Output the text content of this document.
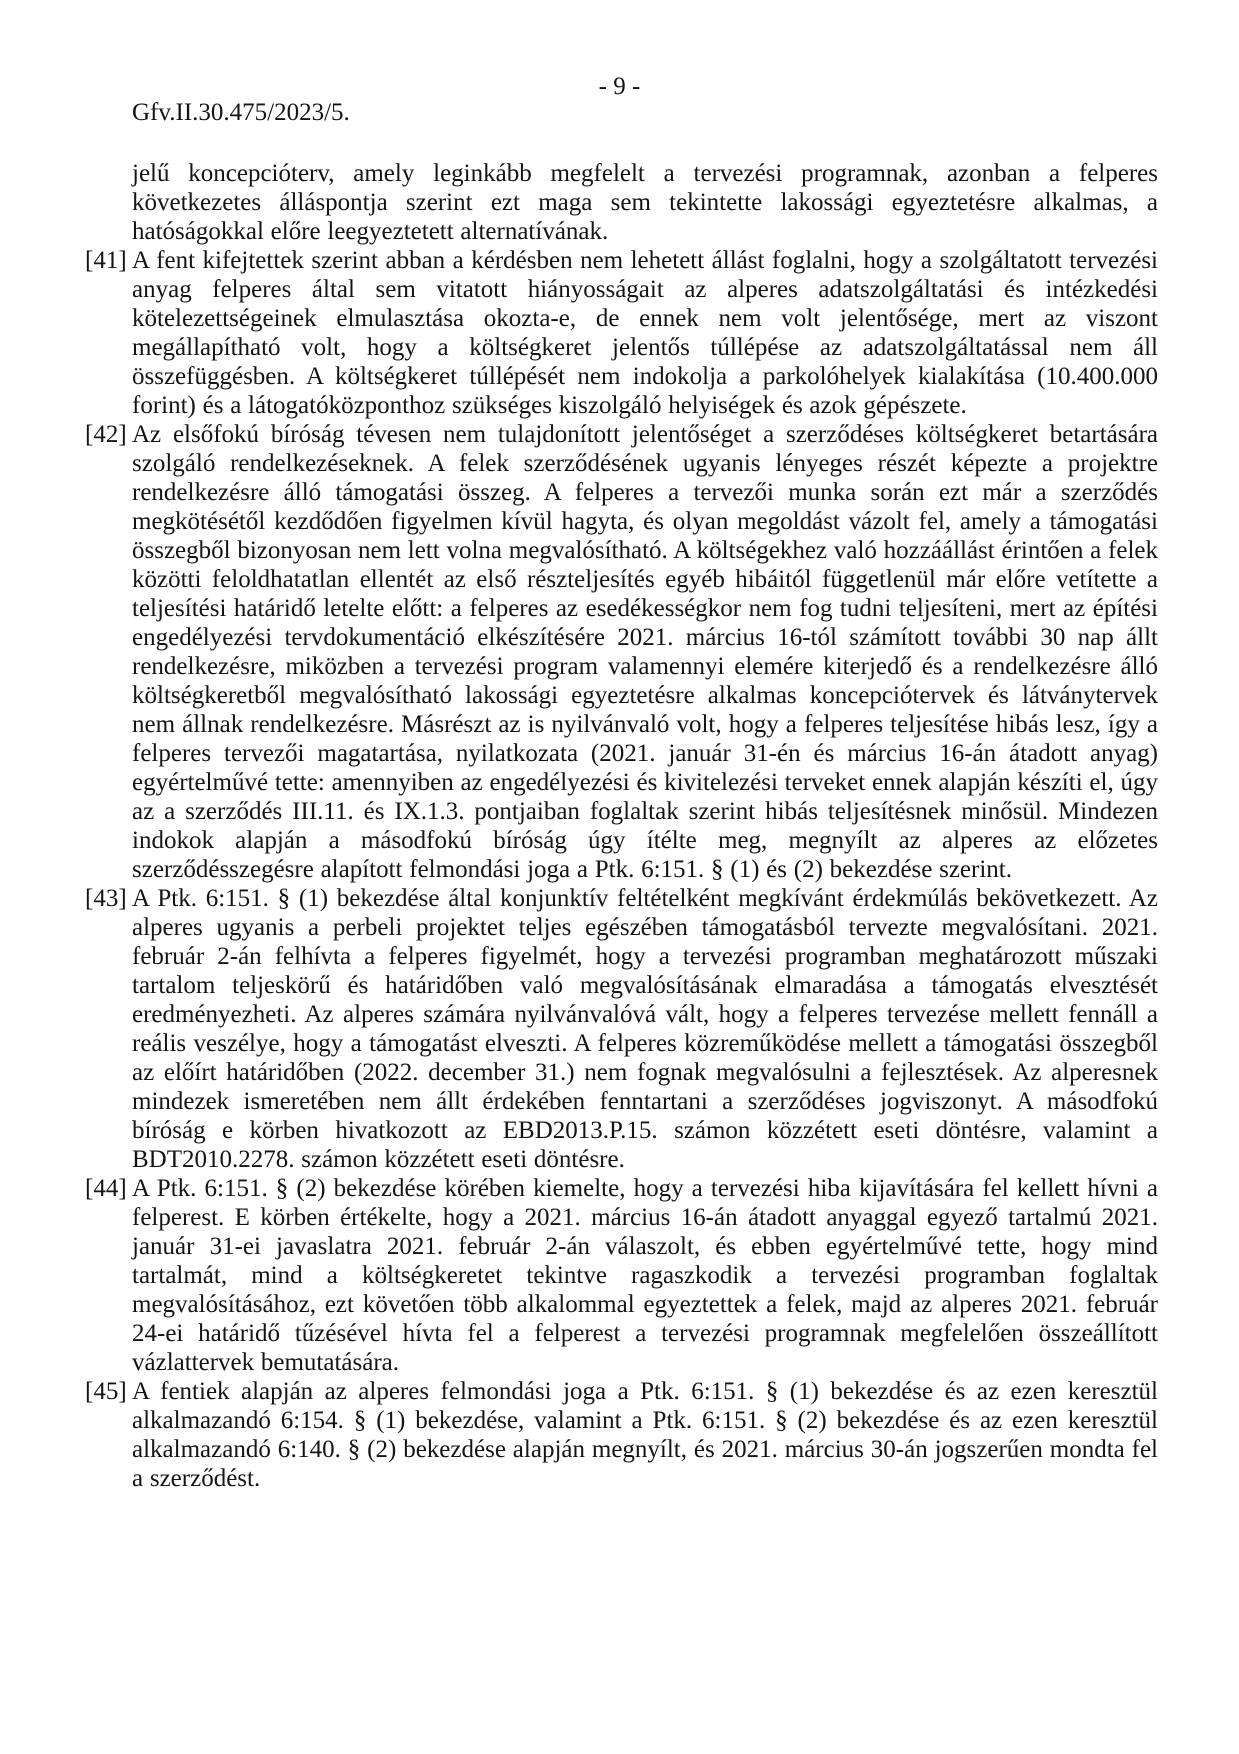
- 9 -
Gfv.II.30.475/2023/5.
jelű koncepcióterv, amely leginkább megfelelt a tervezési programnak, azonban a felperes következetes álláspontja szerint ezt maga sem tekintette lakossági egyeztetésre alkalmas, a hatóságokkal előre leegyeztetett alternatívának.
[41] A fent kifejtettek szerint abban a kérdésben nem lehetett állást foglalni, hogy a szolgáltatott tervezési anyag felperes által sem vitatott hiányosságait az alperes adatszolgáltatási és intézkedési kötelezettségeinek elmulasztása okozta-e, de ennek nem volt jelentősége, mert az viszont megállapítható volt, hogy a költségkeret jelentős túllépése az adatszolgáltatással nem áll összefüggésben. A költségkeret túllépését nem indokolja a parkolóhelyek kialakítása (10.400.000 forint) és a látogatóközponthoz szükséges kiszolgáló helyiségek és azok gépészete.
[42] Az elsőfokú bíróság tévesen nem tulajdonított jelentőséget a szerződéses költségkeret betartására szolgáló rendelkezéseknek. A felek szerződésének ugyanis lényeges részét képezte a projektre rendelkezésre álló támogatási összeg. A felperes a tervezői munka során ezt már a szerződés megkötésétől kezdődően figyelmen kívül hagyta, és olyan megoldást vázolt fel, amely a támogatási összegből bizonyosan nem lett volna megvalósítható. A költségekhez való hozzáállást érintően a felek közötti feloldhatatlan ellentét az első részteljesítés egyéb hibáitól függetlenül már előre vetítette a teljesítési határidő letelte előtt: a felperes az esedékességkor nem fog tudni teljesíteni, mert az építési engedélyezési tervdokumentáció elkészítésére 2021. március 16-tól számított további 30 nap állt rendelkezésre, miközben a tervezési program valamennyi elemére kiterjedő és a rendelkezésre álló költségkeretből megvalósítható lakossági egyeztetésre alkalmas koncepciótervek és látványtervek nem állnak rendelkezésre. Másrészt az is nyilvánvaló volt, hogy a felperes teljesítése hibás lesz, így a felperes tervezői magatartása, nyilatkozata (2021. január 31-én és március 16-án átadott anyag) egyértelművé tette: amennyiben az engedélyezési és kivitelezési terveket ennek alapján készíti el, úgy az a szerződés III.11. és IX.1.3. pontjaiban foglaltak szerint hibás teljesítésnek minősül. Mindezen indokok alapján a másodfokú bíróság úgy ítélte meg, megnyílt az alperes az előzetes szerződésszegésre alapított felmondási joga a Ptk. 6:151. § (1) és (2) bekezdése szerint.
[43] A Ptk. 6:151. § (1) bekezdése által konjunktív feltételként megkívánt érdekmúlás bekövetkezett. Az alperes ugyanis a perbeli projektet teljes egészében támogatásból tervezte megvalósítani. 2021. február 2-án felhívta a felperes figyelmét, hogy a tervezési programban meghatározott műszaki tartalom teljeskörű és határidőben való megvalósításának elmaradása a támogatás elvesztését eredményezheti. Az alperes számára nyilvánvalóvá vált, hogy a felperes tervezése mellett fennáll a reális veszélye, hogy a támogatást elveszti. A felperes közreműködése mellett a támogatási összegből az előírt határidőben (2022. december 31.) nem fognak megvalósulni a fejlesztések. Az alperesnek mindezek ismeretében nem állt érdekében fenntartani a szerződéses jogviszonyt. A másodfokú bíróság e körben hivatkozott az EBD2013.P.15. számon közzétett eseti döntésre, valamint a BDT2010.2278. számon közzétett eseti döntésre.
[44] A Ptk. 6:151. § (2) bekezdése körében kiemelte, hogy a tervezési hiba kijavítására fel kellett hívni a felperest. E körben értékelte, hogy a 2021. március 16-án átadott anyaggal egyező tartalmú 2021. január 31-ei javaslatra 2021. február 2-án válaszolt, és ebben egyértelművé tette, hogy mind tartalmát, mind a költségkeretet tekintve ragaszkodik a tervezési programban foglaltak megvalósításához, ezt követően több alkalommal egyeztettek a felek, majd az alperes 2021. február 24-ei határidő tűzésével hívta fel a felperest a tervezési programnak megfelelően összeállított vázlattervek bemutatására.
[45] A fentiek alapján az alperes felmondási joga a Ptk. 6:151. § (1) bekezdése és az ezen keresztül alkalmazandó 6:154. § (1) bekezdése, valamint a Ptk. 6:151. § (2) bekezdése és az ezen keresztül alkalmazandó 6:140. § (2) bekezdése alapján megnyílt, és 2021. március 30-án jogszerűen mondta fel a szerződést.
